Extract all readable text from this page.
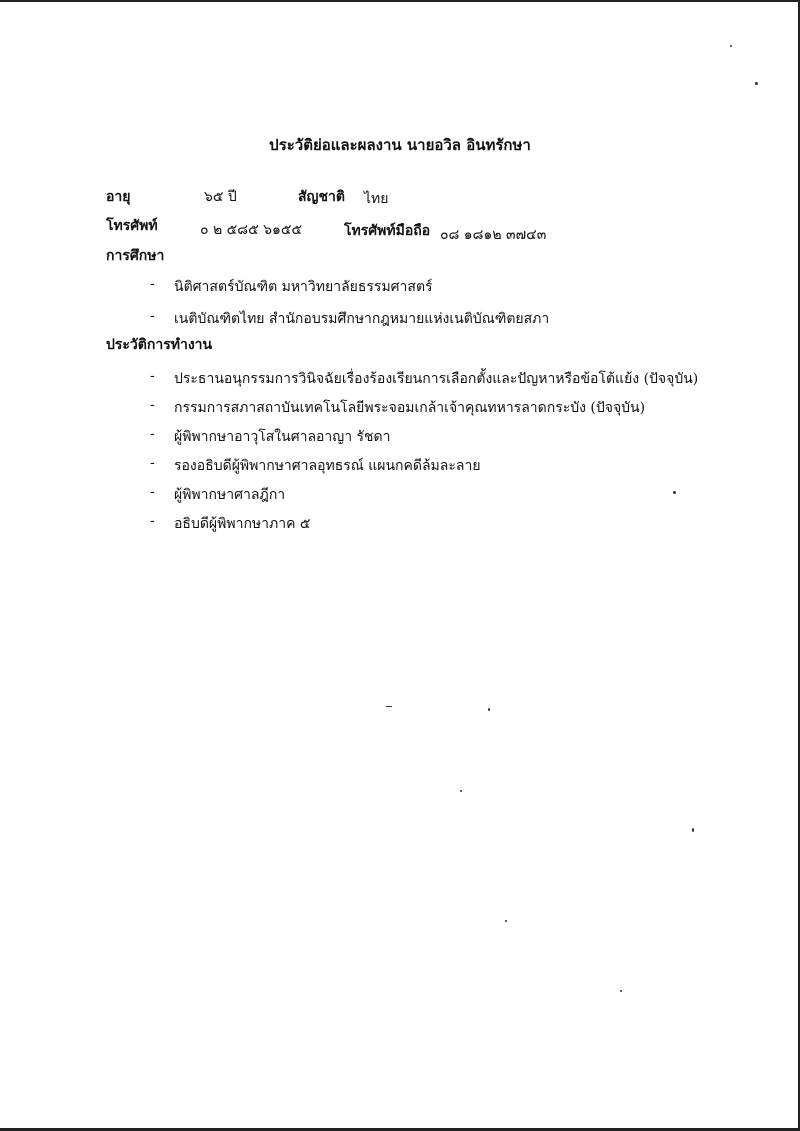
ประวัติย่อและผลงาน นายอวิล อินทรักษา
อายุ	๖๕ ปี	สัญชาติ ไทย
โทรศัพท์	๐ ๒ ๕๘๕ ๖๑๕๕	โทรศัพท์มือถือ ๐๘ ๑๘๑๒ ๓๗๔๓
การศึกษา
- นิติศาสตร์บัณฑิต มหาวิทยาลัยธรรมศาสตร์
- เนติบัณฑิตไทย สำนักอบรมศึกษากฎหมายแห่งเนติบัณฑิตยสภา
ประวัติการทำงาน
- ประธานอนุกรรมการวินิจฉัยเรื่องร้องเรียนการเลือกตั้งและปัญหาหรือข้อโต้แย้ง (ปัจจุบัน)
- กรรมการสภาสถาบันเทคโนโลยีพระจอมเกล้าเจ้าคุณทหารลาดกระบัง (ปัจจุบัน)
- ผู้พิพากษาอาวุโสในศาลอาญา รัชดา
- รองอธิบดีผู้พิพากษาศาลอุทธรณ์ แผนกคดีล้มละลาย
- ผู้พิพากษาศาลฎีกา
- อธิบดีผู้พิพากษาภาค ๕
